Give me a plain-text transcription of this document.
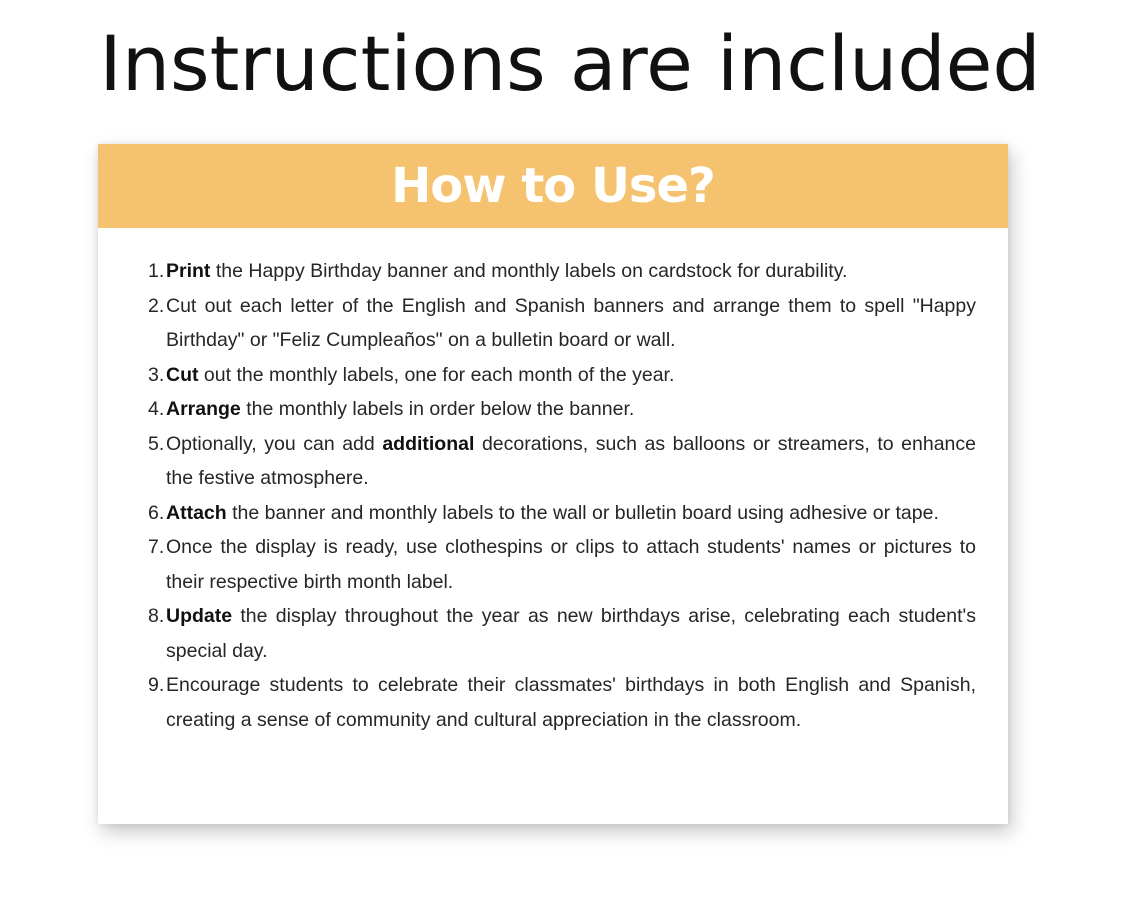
Instructions are included
How to Use?
1. Print the Happy Birthday banner and monthly labels on cardstock for durability.
2. Cut out each letter of the English and Spanish banners and arrange them to spell "Happy Birthday" or "Feliz Cumpleaños" on a bulletin board or wall.
3. Cut out the monthly labels, one for each month of the year.
4. Arrange the monthly labels in order below the banner.
5. Optionally, you can add additional decorations, such as balloons or streamers, to enhance the festive atmosphere.
6. Attach the banner and monthly labels to the wall or bulletin board using adhesive or tape.
7. Once the display is ready, use clothespins or clips to attach students' names or pictures to their respective birth month label.
8. Update the display throughout the year as new birthdays arise, celebrating each student's special day.
9. Encourage students to celebrate their classmates' birthdays in both English and Spanish, creating a sense of community and cultural appreciation in the classroom.
